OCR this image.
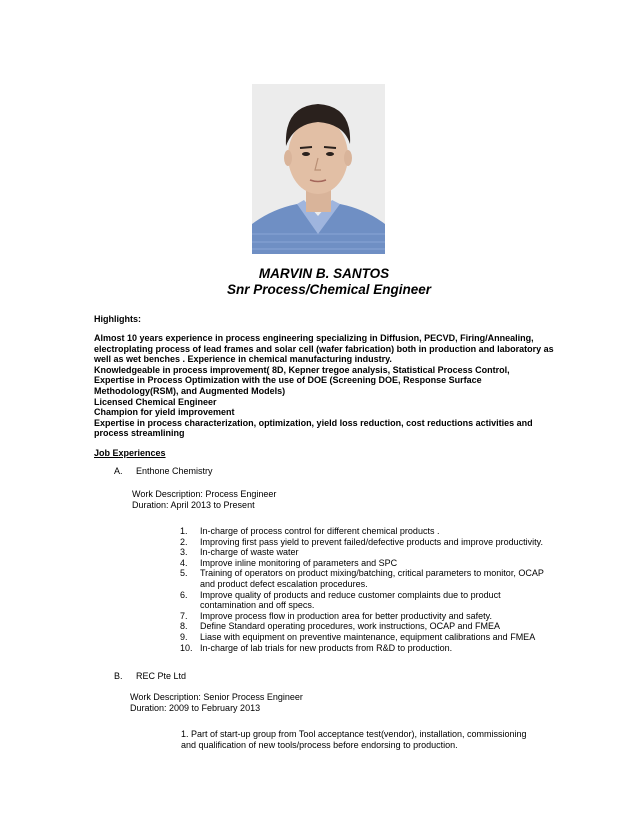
MARVIN B. SANTOS
Snr Process/Chemical Engineer
Highlights:
Almost 10 years experience in process engineering specializing in Diffusion, PECVD, Firing/Annealing, electroplating process of lead frames and solar cell (wafer fabrication) both in production and laboratory as well as wet benches . Experience in chemical manufacturing industry.
Knowledgeable in process improvement( 8D, Kepner tregoe analysis, Statistical Process Control,
Expertise in Process Optimization with the use of DOE (Screening DOE, Response Surface Methodology(RSM), and Augmented Models)
Licensed Chemical Engineer
Champion for yield improvement
Expertise in process characterization, optimization, yield loss reduction, cost reductions activities and process streamlining
Job Experiences
A. Enthone Chemistry
Work Description: Process Engineer
Duration: April 2013 to Present
1.	In-charge of process control for different chemical products .
2.	Improving first pass yield to prevent failed/defective products and improve productivity.
3.	In-charge of waste water
4.	Improve inline monitoring of parameters and SPC
5.	Training of operators on product mixing/batching, critical parameters to monitor, OCAP and product defect escalation procedures.
6.	Improve quality of products and reduce customer complaints due to product contamination and off specs.
7.	Improve process flow in production area for better productivity and safety.
8.	Define Standard operating procedures, work instructions, OCAP and FMEA
9.	Liase with equipment on preventive maintenance, equipment calibrations and FMEA
10. In-charge of lab trials for new products from R&D to production.
B. REC Pte Ltd
Work Description: Senior Process Engineer
Duration: 2009 to February 2013
1. Part of start-up group from Tool acceptance test(vendor), installation, commissioning and qualification of new tools/process before endorsing to production.
